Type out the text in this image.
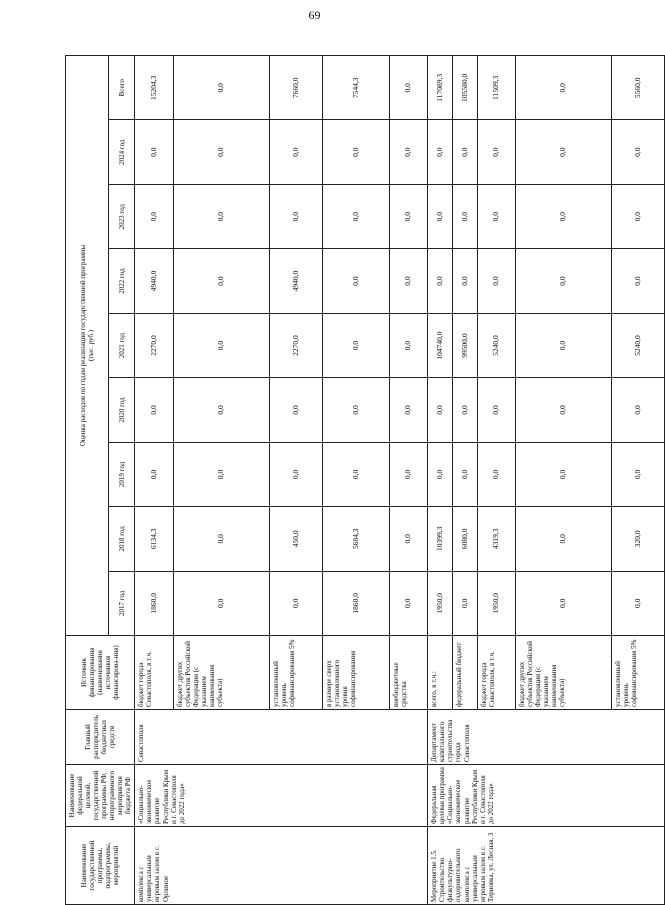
69
Наименование государственной программы, подпрограммы, мероприятий	Наименование федеральной целевой, государственной программы РФ, непрограммного мероприятия бюджета РФ	Главный распорядитель бюджетных средств	Источник финансирования (наименования источников финансирова-ния)	Оценка расходов по годам реализации государственной программы
(тыс. руб.)								
				2017 год	2018 год	2019 год	2020 год	2021 год	2022 год	2023 год	2024 год	Всего
комплекса с универсальным игровым залом в с. Орлиное	«Социально-экономическое развитие Республики Крым и г. Севастополя до 2022 года»	Севастополя	бюджет города Севастополя, в т.ч.	1860,0	6134,3	0,0	0,0	2270,0	4940,0	0,0	0,0	15204,3
			бюджет других субъектов Российской Федерации (с указанием наименования субъекта)	0,0	0,0	0,0	0,0	0,0	0,0	0,0	0,0	0,0
			установленный уровень софинансирования 5%	0,0	450,0	0,0	0,0	2270,0	4940,0	0,0	0,0	7660,0
			в размере сверх установленного уровня софинансирования	1860,0	5684,3	0,0	0,0	0,0	0,0	0,0	0,0	7544,3
			внебюджетные средства	0,0	0,0	0,0	0,0	0,0	0,0	0,0	0,0	0,0
Мероприятие 1.5. Строительство физкультурно-оздоровительного комплекса с универсальным игровым залом в с. Терновка, ул. Лесная, 3	Федеральная целевая программа «Социально-экономическое развитие Республики Крым и г. Севастополя до 2022 года»	Департамент капитального строительства города Севастополя	всего, в т.ч.:	1950,0	10399,3	0,0	0,0	104740,0	0,0	0,0	0,0	117089,3
			федеральный бюджет	0,0	6080,0	0,0	0,0	99500,0	0,0	0,0	0,0	105580,0
			бюджет города Севастополя, в т.ч.	1950,0	4319,3	0,0	0,0	5240,0	0,0	0,0	0,0	11509,3
			бюджет других субъектов Российской Федерации (с указанием наименования субъекта)	0,0	0,0	0,0	0,0	0,0	0,0	0,0	0,0	0,0
			установленный уровень софинансирования 5%	0,0	320,0	0,0	0,0	5240,0	0,0	0,0	0,0	5560,0
